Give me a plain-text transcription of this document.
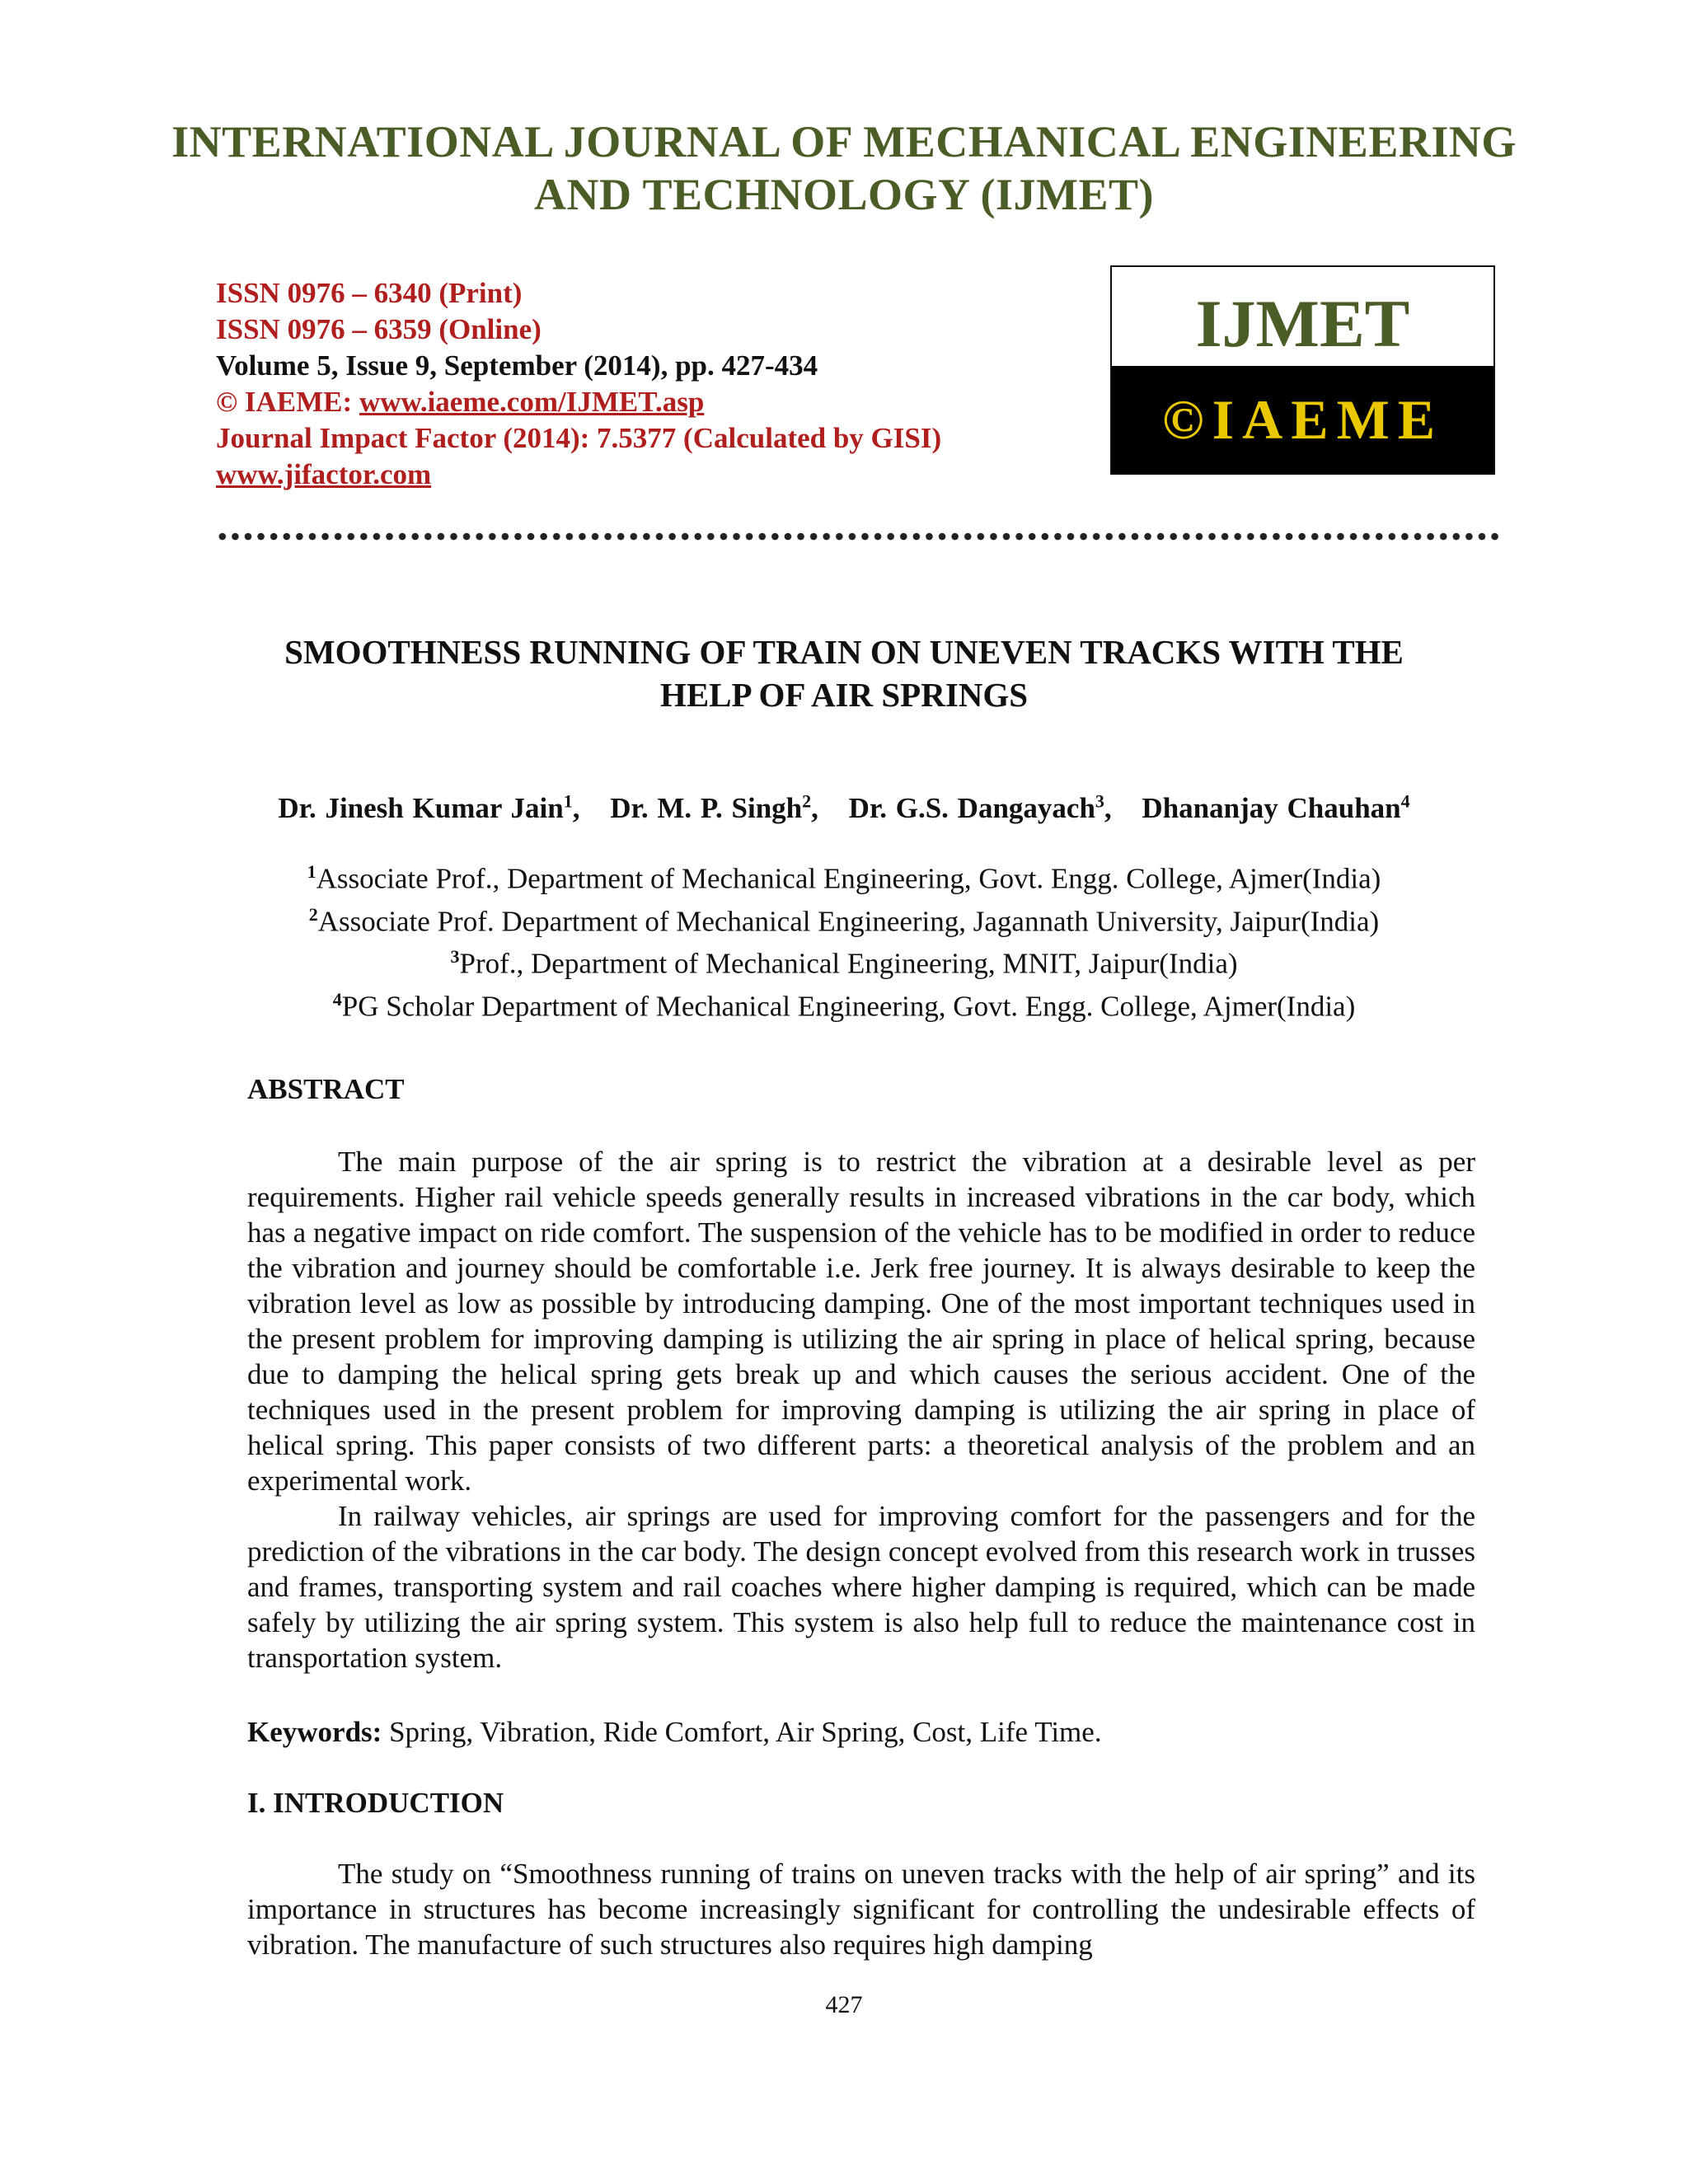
INTERNATIONAL JOURNAL OF MECHANICAL ENGINEERING
AND TECHNOLOGY (IJMET)
ISSN 0976 – 6340 (Print)
ISSN 0976 – 6359 (Online)
Volume 5, Issue 9, September (2014), pp. 427-434
© IAEME: www.iaeme.com/IJMET.asp
Journal Impact Factor (2014): 7.5377 (Calculated by GISI)
www.jifactor.com
IJMET
©IAEME
SMOOTHNESS RUNNING OF TRAIN ON UNEVEN TRACKS WITH THE
HELP OF AIR SPRINGS
Dr. Jinesh Kumar Jain$^1$, Dr. M. P. Singh$^2$, Dr. G.S. Dangayach$^3$, Dhananjay Chauhan$^4$
$^1$Associate Prof., Department of Mechanical Engineering, Govt. Engg. College, Ajmer(India)
$^2$Associate Prof. Department of Mechanical Engineering, Jagannath University, Jaipur(India)
$^3$Prof., Department of Mechanical Engineering, MNIT, Jaipur(India)
$^4$PG Scholar Department of Mechanical Engineering, Govt. Engg. College, Ajmer(India)
ABSTRACT

The main purpose of the air spring is to restrict the vibration at a desirable level as per requirements. Higher rail vehicle speeds generally results in increased vibrations in the car body, which has a negative impact on ride comfort. The suspension of the vehicle has to be modified in order to reduce the vibration and journey should be comfortable i.e. Jerk free journey. It is always desirable to keep the vibration level as low as possible by introducing damping. One of the most important techniques used in the present problem for improving damping is utilizing the air spring in place of helical spring, because due to damping the helical spring gets break up and which causes the serious accident. One of the techniques used in the present problem for improving damping is utilizing the air spring in place of helical spring. This paper consists of two different parts: a theoretical analysis of the problem and an experimental work.

In railway vehicles, air springs are used for improving comfort for the passengers and for the prediction of the vibrations in the car body. The design concept evolved from this research work in trusses and frames, transporting system and rail coaches where higher damping is required, which can be made safely by utilizing the air spring system. This system is also help full to reduce the maintenance cost in transportation system.

Keywords: Spring, Vibration, Ride Comfort, Air Spring, Cost, Life Time.
I. INTRODUCTION

The study on “Smoothness running of trains on uneven tracks with the help of air spring” and its importance in structures has become increasingly significant for controlling the undesirable effects of vibration. The manufacture of such structures also requires high damping

427
